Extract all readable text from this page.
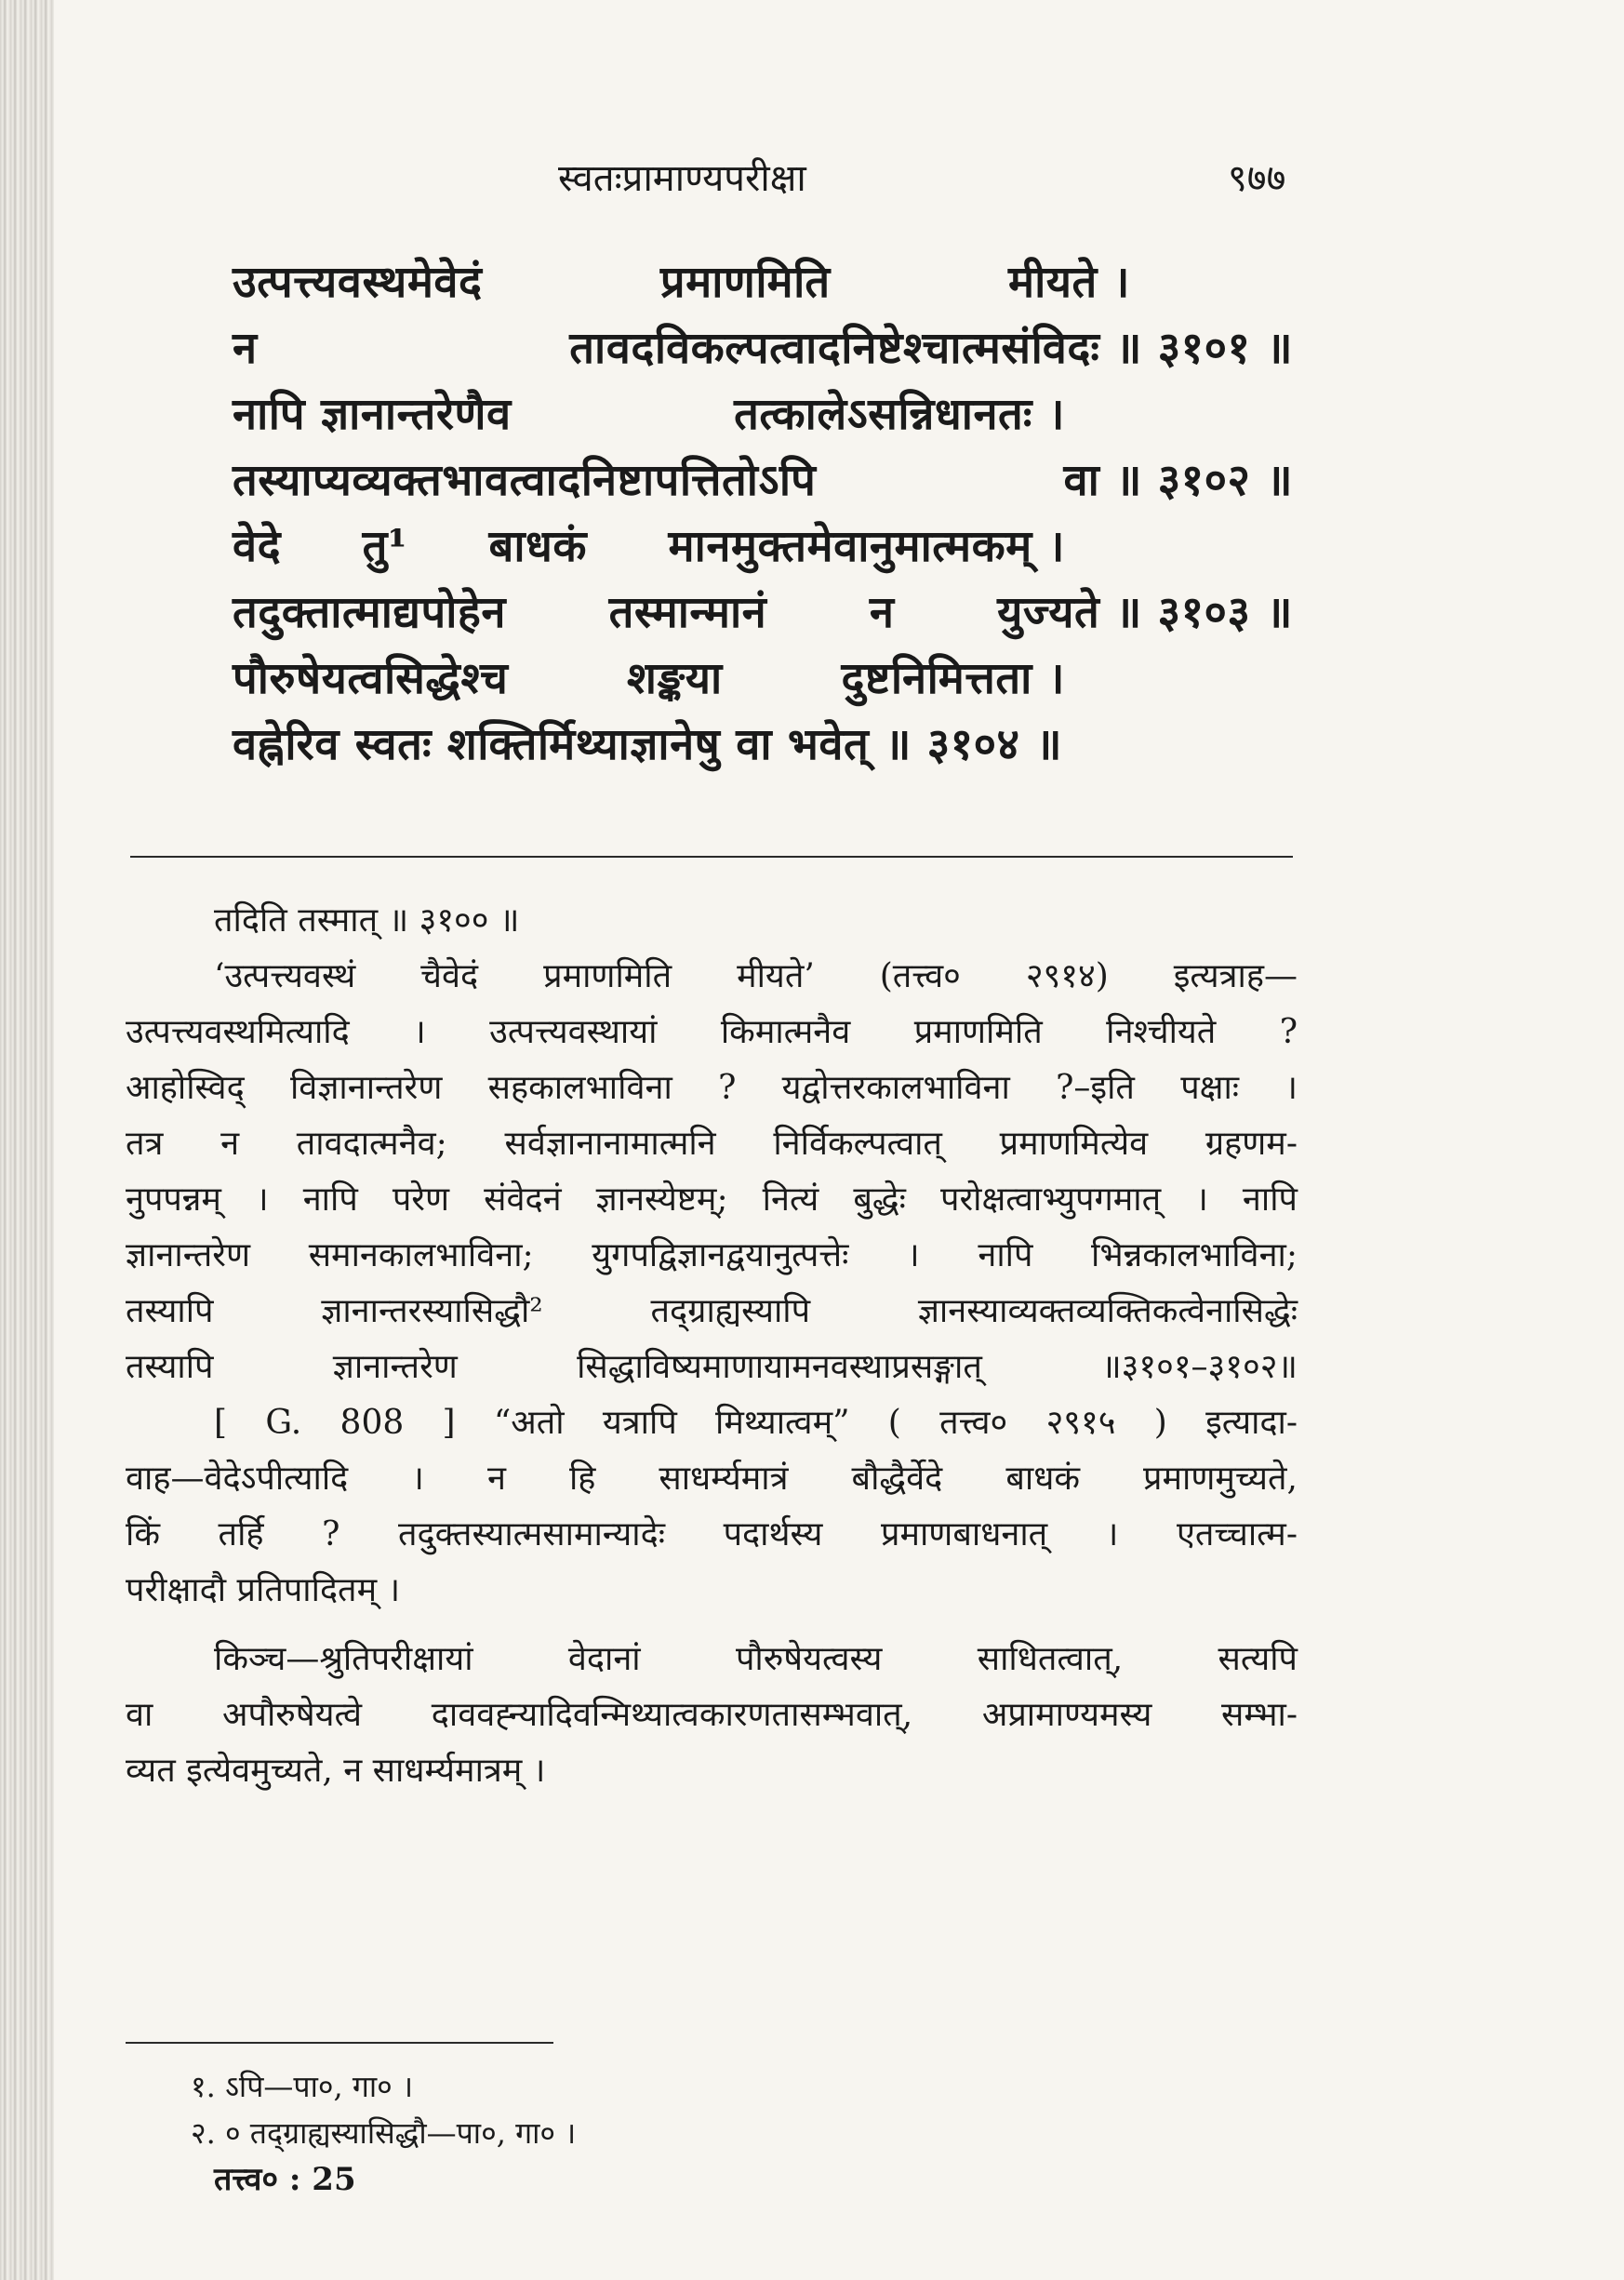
स्वतःप्रामाण्यपरीक्षा	९७७
उत्पत्त्यवस्थमेवेदं	प्रमाणमिति	मीयते ।
न	तावदविकल्पत्वादनिष्टेश्चात्मसंविदः ॥ ३१०१ ॥
नापि ज्ञानान्तरेणैव	तत्कालेऽसन्निधानतः ।
तस्याप्यव्यक्तभावत्वादनिष्टापत्तितोऽपि	वा ॥ ३१०२ ॥
वेदे तु¹ बाधकं मानमुक्तमेवानुमात्मकम् ।
तदुक्तात्माद्यपोहेन तस्मान्मानं न युज्यते ॥ ३१०३ ॥
पौरुषेयत्वसिद्धेश्च	शङ्कया	दुष्टनिमित्तता ।
वह्नेरिव स्वतः शक्तिर्मिथ्याज्ञानेषु वा भवेत् ॥ ३१०४ ॥

तदिति तस्मात् ॥ ३१०० ॥

‘उत्पत्त्यवस्थं चैवेदं प्रमाणमिति मीयते’ (तत्त्व० २९१४) इत्यत्राह—
उत्पत्त्यवस्थमित्यादि । उत्पत्त्यवस्थायां किमात्मनैव प्रमाणमिति निश्चीयते ?
आहोस्विद् विज्ञानान्तरेण सहकालभाविना ? यद्वोत्तरकालभाविना ?–इति पक्षाः ।
तत्र न तावदात्मनैव; सर्वज्ञानानामात्मनि निर्विकल्पत्वात् प्रमाणमित्येव ग्रहणम-
नुपपन्नम् । नापि परेण संवेदनं ज्ञानस्येष्टम्; नित्यं बुद्धेः परोक्षत्वाभ्युपगमात् । नापि
ज्ञानान्तरेण समानकालभाविना; युगपद्विज्ञानद्वयानुत्पत्तेः । नापि भिन्नकालभाविना;
तस्यापि ज्ञानान्तरस्यासिद्धौ² तद्ग्राह्यस्यापि ज्ञानस्याव्यक्तव्यक्तिकत्वेनासिद्धेः
तस्यापि ज्ञानान्तरेण सिद्धाविष्यमाणायामनवस्थाप्रसङ्गात् ॥३१०१–३१०२॥
[ G. 808 ] “अतो यत्रापि मिथ्यात्वम्” ( तत्त्व० २९१५ ) इत्यादा-
वाह—वेदेऽपीत्यादि । न हि साधर्म्यमात्रं बौद्धैर्वेदे बाधकं प्रमाणमुच्यते,
किं तर्हि ? तदुक्तस्यात्मसामान्यादेः पदार्थस्य प्रमाणबाधनात् । एतच्चात्म-
परीक्षादौ प्रतिपादितम् ।
किञ्च—श्रुतिपरीक्षायां वेदानां पौरुषेयत्वस्य साधितत्वात्, सत्यपि
वा अपौरुषेयत्वे दाववह्न्यादिवन्मिथ्यात्वकारणतासम्भवात्, अप्रामाण्यमस्य सम्भा-
व्यत इत्येवमुच्यते, न साधर्म्यमात्रम् ।
१. ऽपि—पा०, गा० ।
२. ० तद्ग्राह्यस्यासिद्धौ—पा०, गा० ।
तत्त्व० : 25
